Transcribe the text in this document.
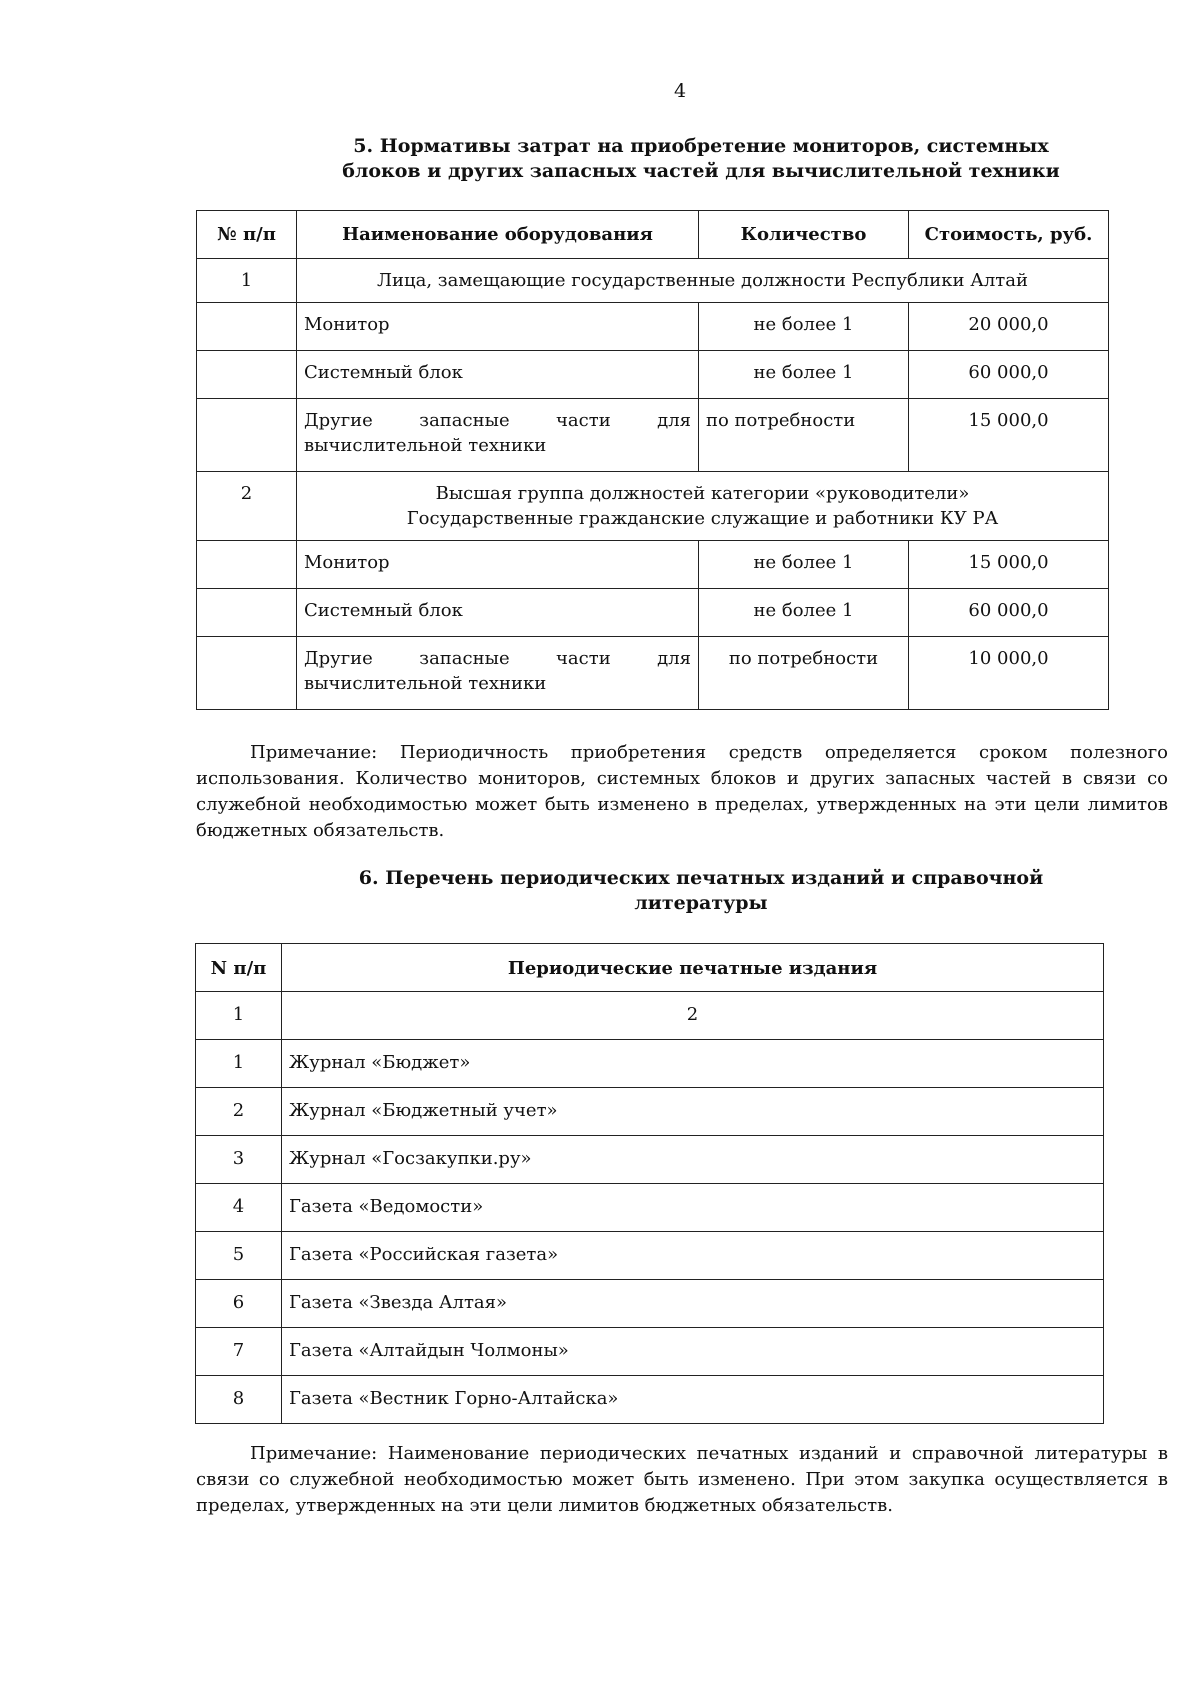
4
5. Нормативы затрат на приобретение мониторов, системных
блоков и других запасных частей для вычислительной техники
№ п/п	Наименование оборудования	Количество	Стоимость, руб.
1	Лица, замещающие государственные должности Республики Алтай		

	Монитор	не более 1	20 000,0
	Системный блок	не более 1	60 000,0

	Другие запасные части для
вычислительной техники	по потребности	15 000,0
2	Высшая группа должностей категории «руководители»
Государственные гражданские служащие и работники КУ РА		

	Монитор	не более 1	15 000,0
	Системный блок	не более 1	60 000,0

	Другие запасные части для
вычислительной техники	по потребности	10 000,0
Примечание: Периодичность приобретения средств определяется сроком полезного использования. Количество мониторов, системных блоков и других запасных частей в связи со служебной необходимостью может быть изменено в пределах, утвержденных на эти цели лимитов бюджетных обязательств.
6. Перечень периодических печатных изданий и справочной
литературы
N п/п	Периодические печатные издания
1	2
1	Журнал «Бюджет»
2	Журнал «Бюджетный учет»
3	Журнал «Госзакупки.ру»
4	Газета «Ведомости»
5	Газета «Российская газета»
6	Газета «Звезда Алтая»
7	Газета «Алтайдын Чолмоны»
8	Газета «Вестник Горно-Алтайска»
Примечание: Наименование периодических печатных изданий и справочной литературы в связи со служебной необходимостью может быть изменено. При этом закупка осуществляется в пределах, утвержденных на эти цели лимитов бюджетных обязательств.
